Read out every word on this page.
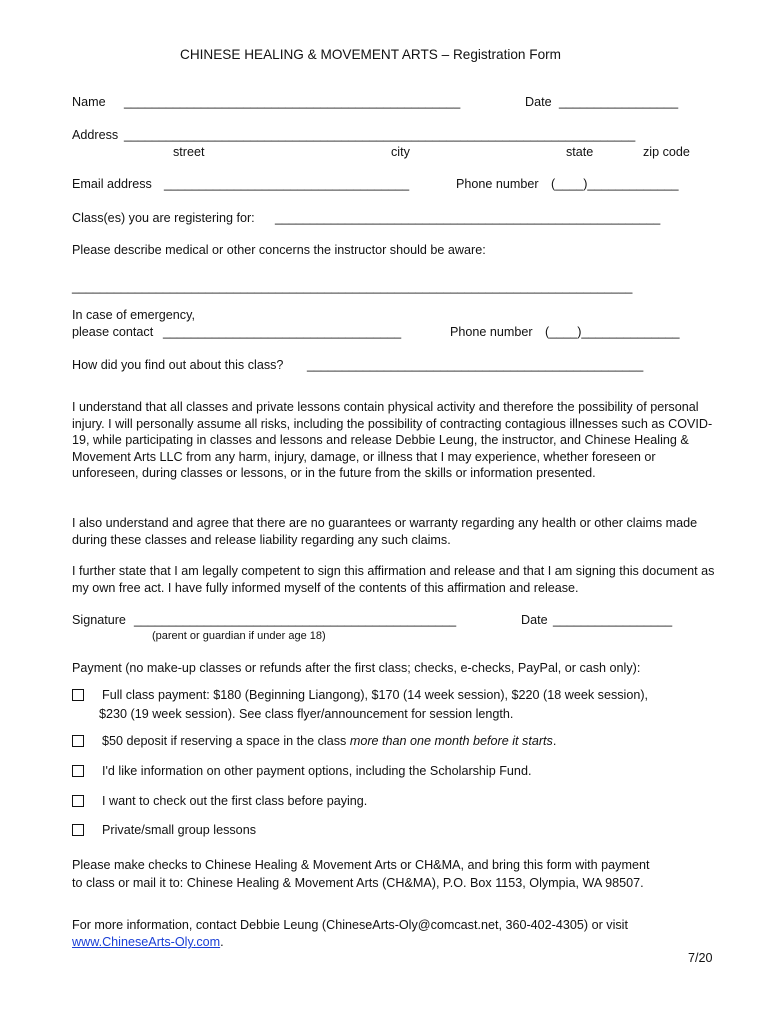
CHINESE HEALING & MOVEMENT ARTS – Registration Form
Name ________________________________________________	Date _________________
Address _________________________________________________________________________
street	city	state	zip code
Email address ___________________________________	Phone number (____)_____________
Class(es) you are registering for: _______________________________________________________
Please describe medical or other concerns the instructor should be aware:
________________________________________________________________________________
In case of emergency,
please contact __________________________________	Phone number (____)______________
How did you find out about this class? ________________________________________________
I understand that all classes and private lessons contain physical activity and therefore the possibility of personal injury. I will personally assume all risks, including the possibility of contracting contagious illnesses such as COVID-19, while participating in classes and lessons and release Debbie Leung, the instructor, and Chinese Healing & Movement Arts LLC from any harm, injury, damage, or illness that I may experience, whether foreseen or unforeseen, during classes or lessons, or in the future from the skills or information presented.
I also understand and agree that there are no guarantees or warranty regarding any health or other claims made during these classes and release liability regarding any such claims.
I further state that I am legally competent to sign this affirmation and release and that I am signing this document as my own free act. I have fully informed myself of the contents of this affirmation and release.
Signature ______________________________________________	Date _________________
(parent or guardian if under age 18)
Payment (no make-up classes or refunds after the first class; checks, e-checks, PayPal, or cash only):
Full class payment: $180 (Beginning Liangong), $170 (14 week session), $220 (18 week session),
$230 (19 week session). See class flyer/announcement for session length.
$50 deposit if reserving a space in the class more than one month before it starts.
I'd like information on other payment options, including the Scholarship Fund.
I want to check out the first class before paying.
Private/small group lessons
Please make checks to Chinese Healing & Movement Arts or CH&MA, and bring this form with payment
to class or mail it to: Chinese Healing & Movement Arts (CH&MA), P.O. Box 1153, Olympia, WA 98507.
For more information, contact Debbie Leung (ChineseArts-Oly@comcast.net, 360-402-4305) or visit
www.ChineseArts-Oly.com.
7/20
